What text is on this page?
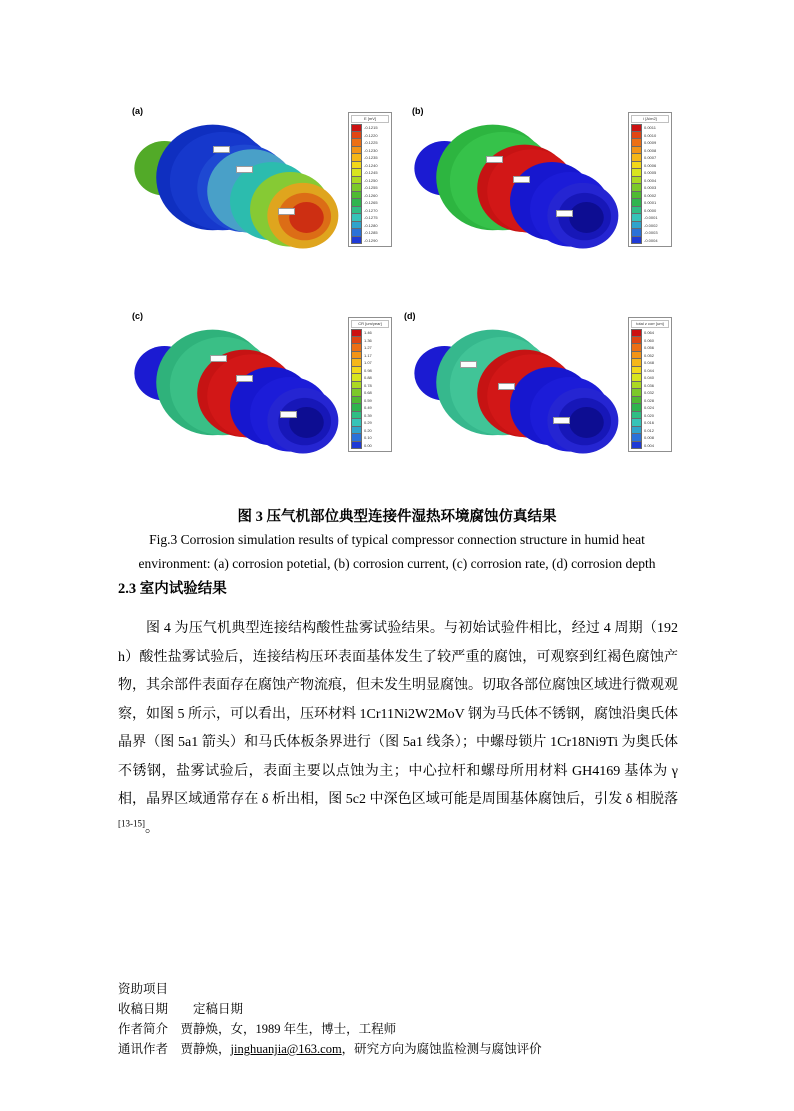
(a)
E [mV]
-0.1215
-0.1220
-0.1225
-0.1230
-0.1235
-0.1240
-0.1245
-0.1250
-0.1255
-0.1260
-0.1265
-0.1270
-0.1275
-0.1280
-0.1285
-0.1290
(b)
i [A/m2]
0.0011
0.0010
0.0009
0.0008
0.0007
0.0006
0.0005
0.0004
0.0003
0.0002
0.0001
0.0000
-0.0001
-0.0002
-0.0003
-0.0004
(c)
CR [um/year]
1.46
1.36
1.27
1.17
1.07
0.98
0.88
0.78
0.68
0.59
0.49
0.39
0.29
0.20
0.10
0.00
(d)
total z corr [um]
0.064
0.060
0.056
0.052
0.048
0.044
0.040
0.036
0.032
0.028
0.024
0.020
0.016
0.012
0.008
0.004
图 3 压气机部位典型连接件湿热环境腐蚀仿真结果
Fig.3 Corrosion simulation results of typical compressor connection structure in humid heat
environment: (a) corrosion potetial, (b) corrosion current, (c) corrosion rate, (d) corrosion depth
2.3 室内试验结果

图 4 为压气机典型连接结构酸性盐雾试验结果。与初始试验件相比，经过 4 周期（192 h）酸性盐雾试验后，连接结构压环表面基体发生了较严重的腐蚀，可观察到红褐色腐蚀产物，其余部件表面存在腐蚀产物流痕，但未发生明显腐蚀。切取各部位腐蚀区域进行微观观察，如图 5 所示，可以看出，压环材料 1Cr11Ni2W2MoV 钢为马氏体不锈钢，腐蚀沿奥氏体晶界（图 5a1 箭头）和马氏体板条界进行（图 5a1 线条）；中螺母锁片 1Cr18Ni9Ti 为奥氏体不锈钢，盐雾试验后，表面主要以点蚀为主；中心拉杆和螺母所用材料 GH4169 基体为 γ 相，晶界区域通常存在 δ 析出相，图 5c2 中深色区域可能是周围基体腐蚀后，引发 δ 相脱落[13-15]。

资助项目
收稿日期　　定稿日期
作者简介　贾静焕，女，1989 年生，博士，工程师
通讯作者　贾静焕，jinghuanjia@163.com，研究方向为腐蚀监检测与腐蚀评价
